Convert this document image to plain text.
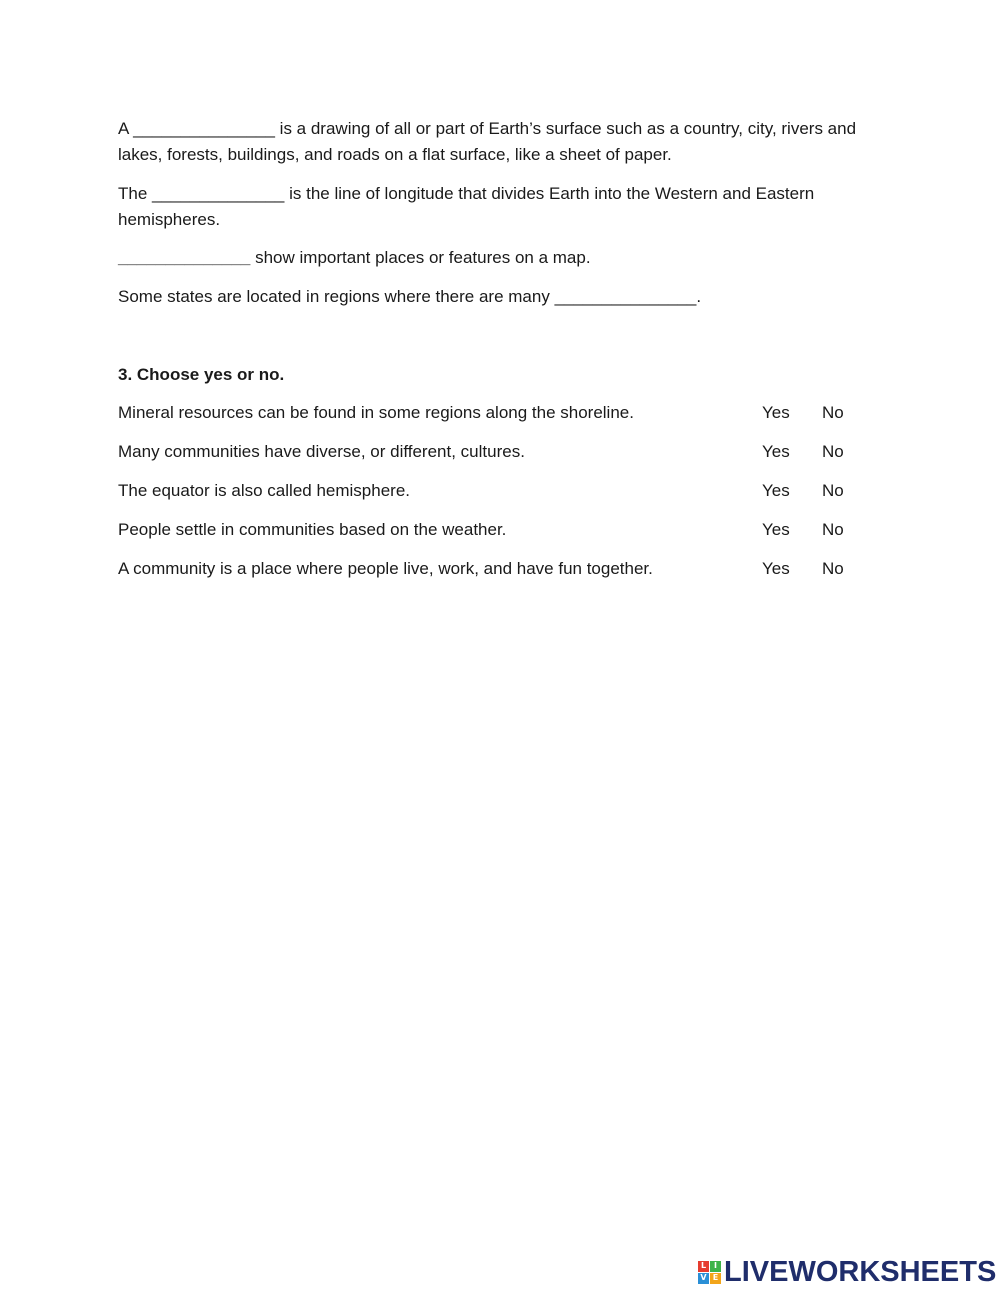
A _______________ is a drawing of all or part of Earth’s surface such as a country, city, rivers and lakes, forests, buildings, and roads on a flat surface, like a sheet of paper.

The ______________ is the line of longitude that divides Earth into the Western and Eastern hemispheres.

______________ show important places or features on a map.

Some states are located in regions where there are many _______________.

3. Choose yes or no.

Mineral resources can be found in some regions along the shoreline.	Yes No
Many communities have diverse, or different, cultures.	Yes No
The equator is also called hemisphere.	Yes No
People settle in communities based on the weather.	Yes No
A community is a place where people live, work, and have fun together.	Yes No
L I
V E LIVEWORKSHEETS
